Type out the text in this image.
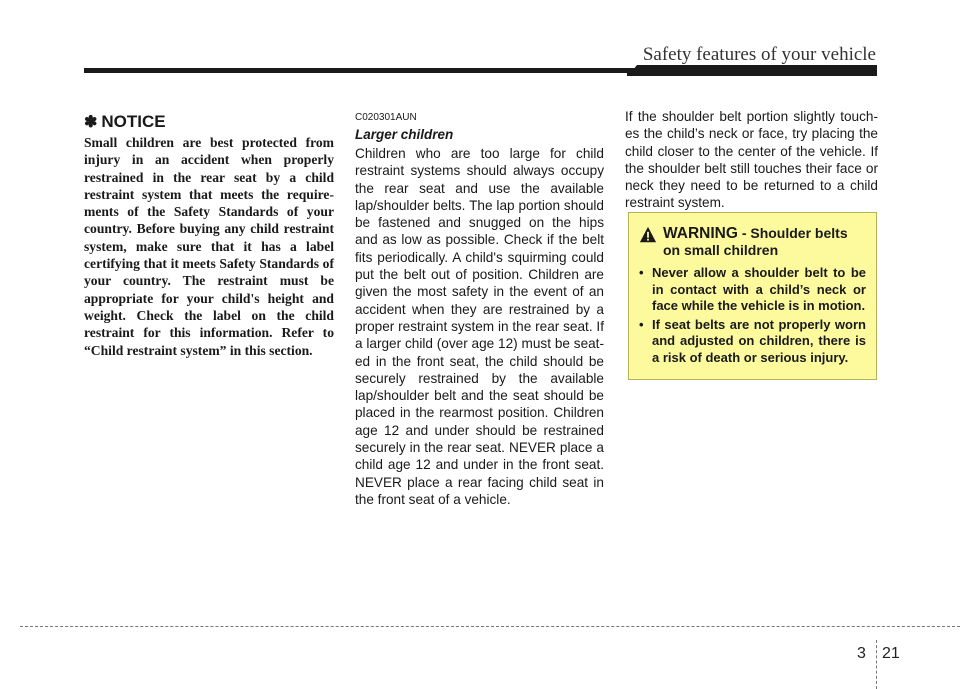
Safety features of your vehicle
✽ NOTICE

Small children are best protected from injury in an accident when properly restrained in the rear seat by a child restraint system that meets the require-ments of the Safety Standards of your country. Before buying any child restraint system, make sure that it has a label certifying that it meets Safety Standards of your country. The restraint must be appropriate for your child's height and weight. Check the label on the child restraint for this information. Refer to “Child restraint system” in this section.

C020301AUN
Larger children

Children who are too large for child restraint systems should always occupy the rear seat and use the available lap/shoulder belts. The lap portion should be fastened and snugged on the hips and as low as possible. Check if the belt fits periodically. A child's squirming could put the belt out of position. Children are given the most safety in the event of an accident when they are restrained by a proper restraint system in the rear seat. If a larger child (over age 12) must be seat-ed in the front seat, the child should be securely restrained by the available lap/shoulder belt and the seat should be placed in the rearmost position. Children age 12 and under should be restrained securely in the rear seat. NEVER place a child age 12 and under in the front seat. NEVER place a rear facing child seat in the front seat of a vehicle.

If the shoulder belt portion slightly touch-es the child’s neck or face, try placing the child closer to the center of the vehicle. If the shoulder belt still touches their face or neck they need to be returned to a child restraint system.

WARNING - Shoulder belts on small children
• Never allow a shoulder belt to be in contact with a child’s neck or face while the vehicle is in motion.
• If seat belts are not properly worn and adjusted on children, there is a risk of death or serious injury.
3 21
